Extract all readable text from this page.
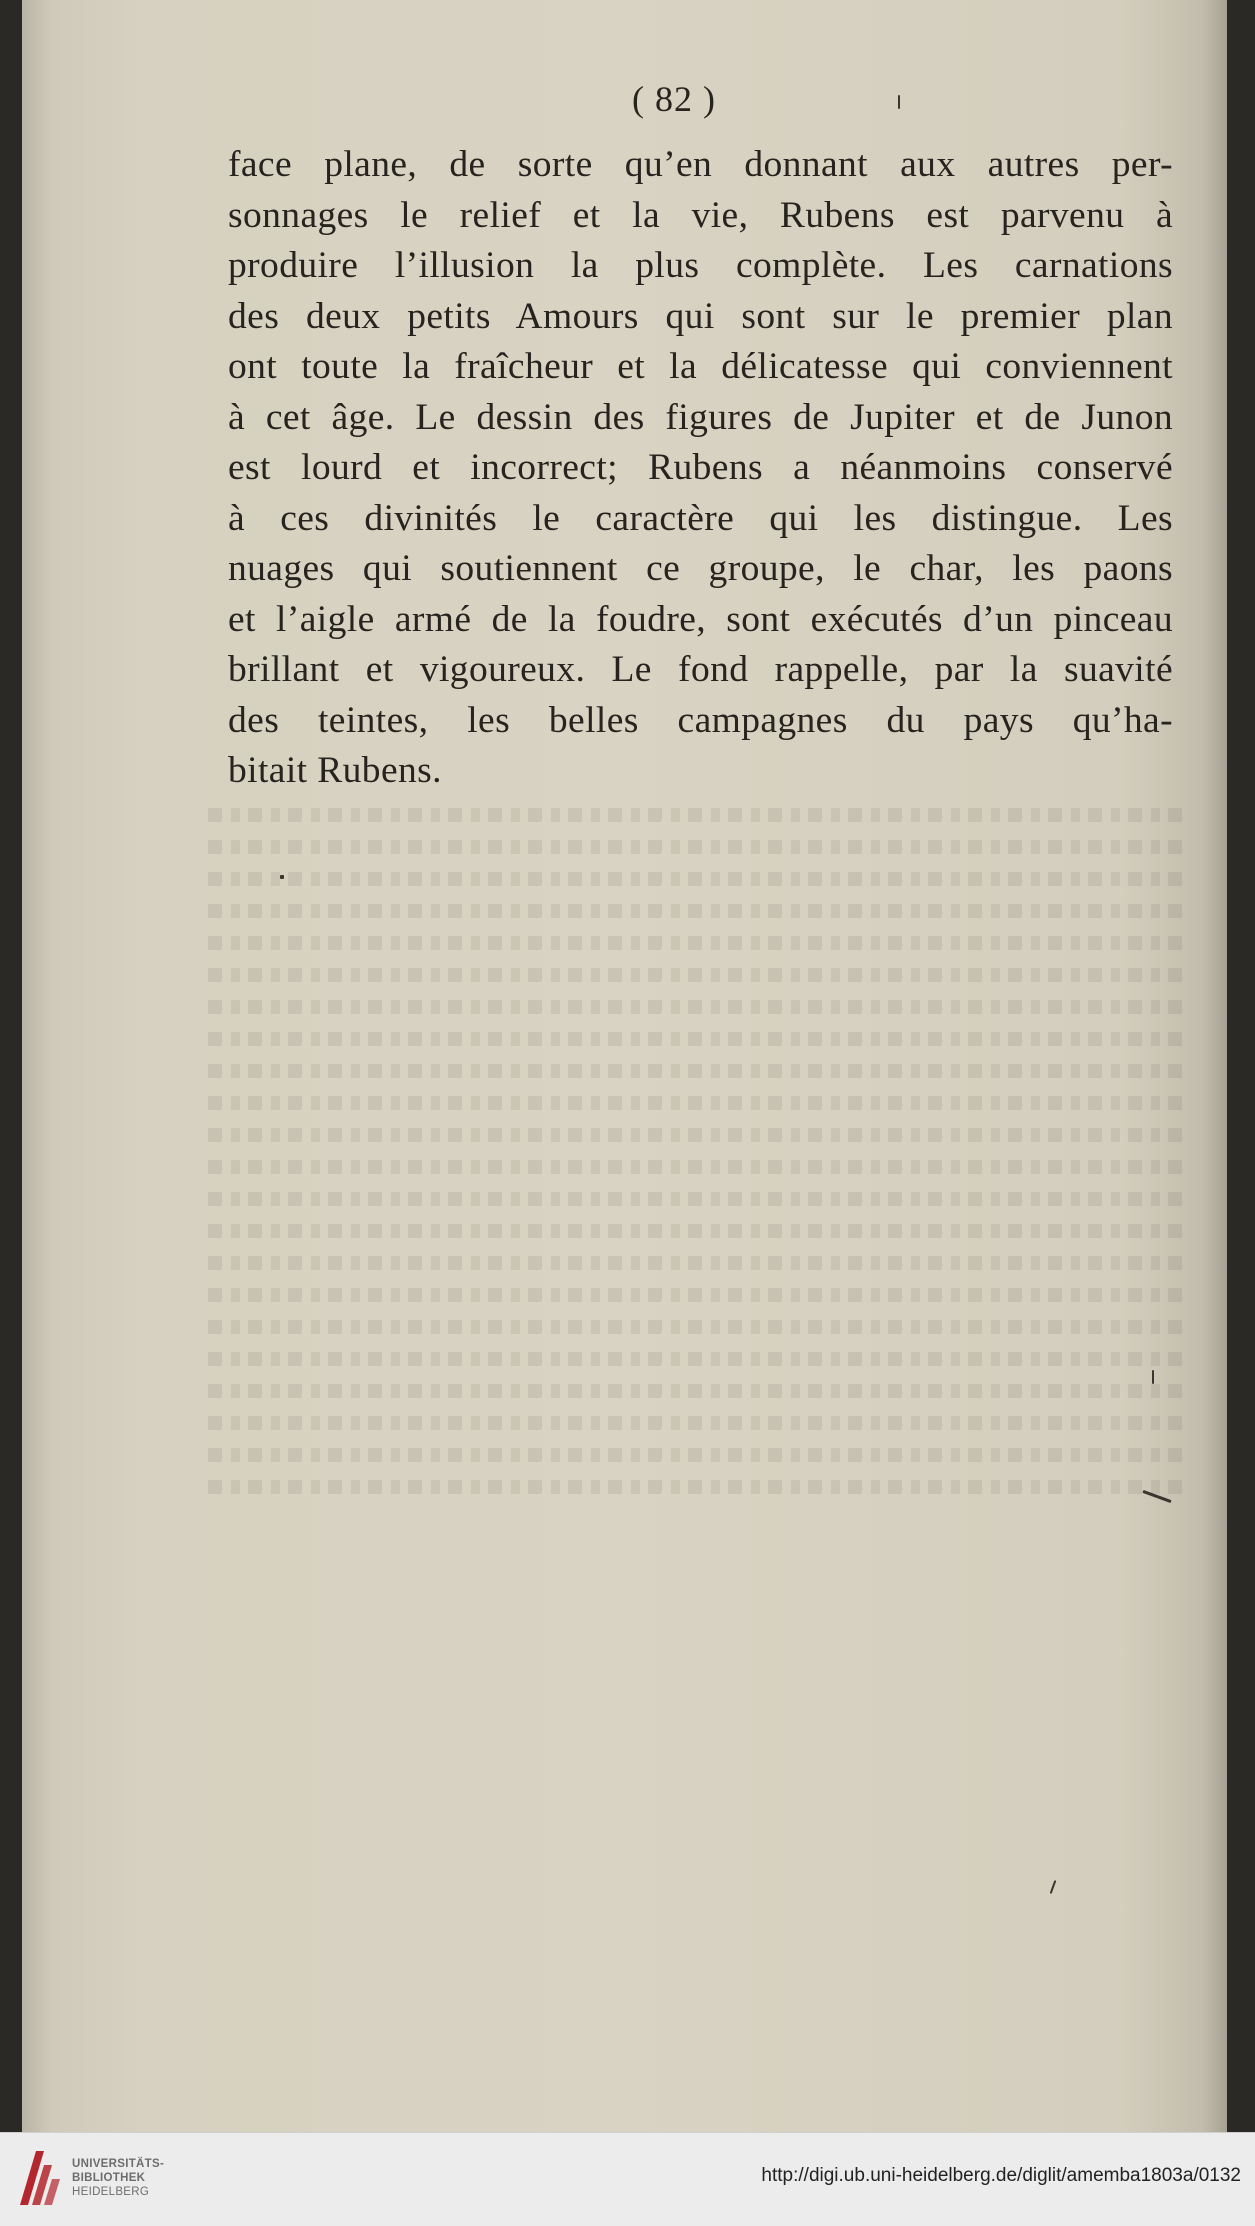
( 82 )
face plane, de sorte qu’en donnant aux autres per-
sonnages le relief et la vie, Rubens est parvenu à
produire l’illusion la plus complète. Les carnations
des deux petits Amours qui sont sur le premier plan
ont toute la fraîcheur et la délicatesse qui conviennent
à cet âge. Le dessin des figures de Jupiter et de Junon
est lourd et incorrect; Rubens a néanmoins conservé
à ces divinités le caractère qui les distingue. Les
nuages qui soutiennent ce groupe, le char, les paons
et l’aigle armé de la foudre, sont exécutés d’un pinceau
brillant et vigoureux. Le fond rappelle, par la suavité
des teintes, les belles campagnes du pays qu’ha-
bitait Rubens.
UNIVERSITÄTS-
BIBLIOTHEK
HEIDELBERG
http://digi.ub.uni-heidelberg.de/diglit/amemba1803a/0132
